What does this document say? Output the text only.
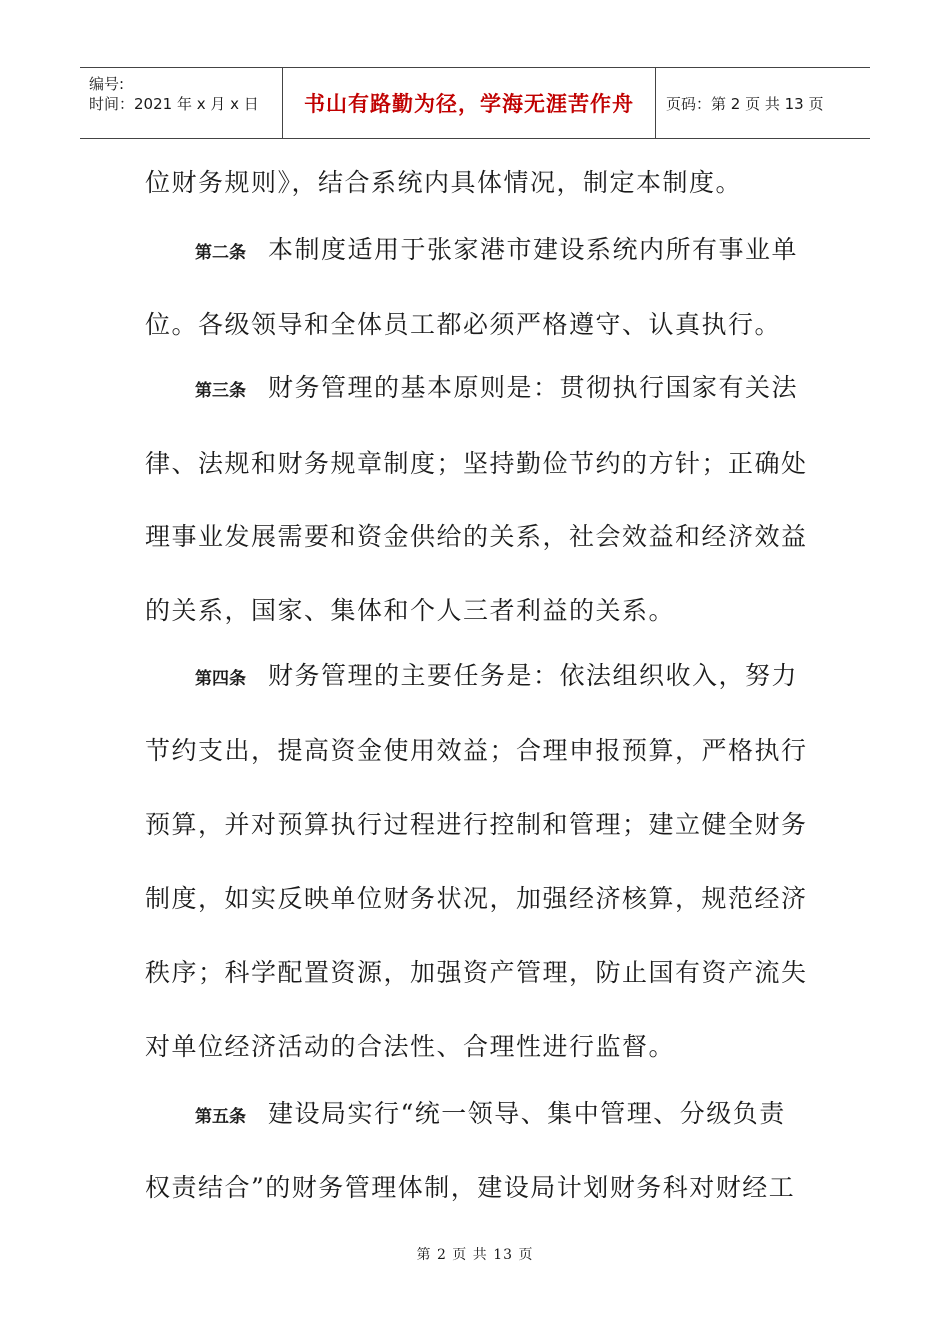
编号:
时间：2021 年 x 月 x 日	书山有路勤为径，学海无涯苦作舟 页码：第 2 页 共 13 页
位财务规则》，结合系统内具体情况，制定本制度。
第二条 本制度适用于张家港市建设系统内所有事业单
位。各级领导和全体员工都必须严格遵守、认真执行。
第三条 财务管理的基本原则是：贯彻执行国家有关法
律、法规和财务规章制度；坚持勤俭节约的方针；正确处
理事业发展需要和资金供给的关系，社会效益和经济效益
的关系，国家、集体和个人三者利益的关系。
第四条 财务管理的主要任务是：依法组织收入，努力
节约支出，提高资金使用效益；合理申报预算，严格执行
预算，并对预算执行过程进行控制和管理；建立健全财务
制度，如实反映单位财务状况，加强经济核算，规范经济
秩序；科学配置资源，加强资产管理，防止国有资产流失
对单位经济活动的合法性、合理性进行监督。
第五条 建设局实行“统一领导、集中管理、分级负责
权责结合”的财务管理体制，建设局计划财务科对财经工
第 2 页 共 13 页
